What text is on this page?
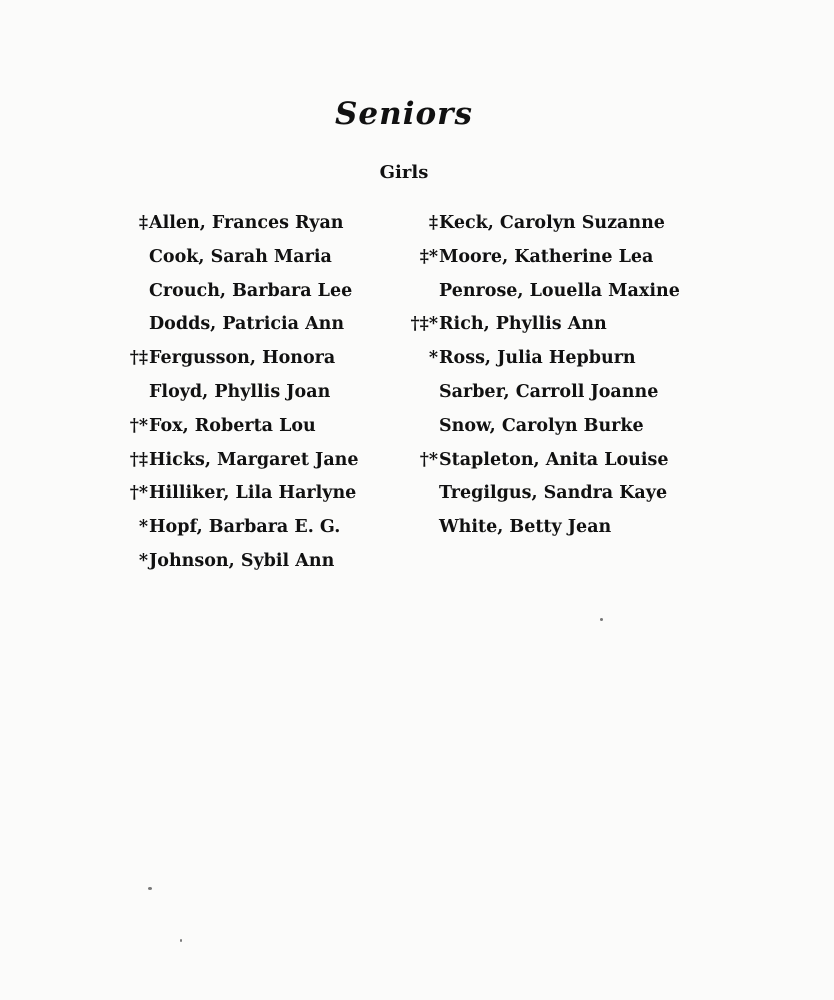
Seniors
Girls
‡ Allen, Frances Ryan
Cook, Sarah Maria
Crouch, Barbara Lee
Dodds, Patricia Ann
†‡ Fergusson, Honora
Floyd, Phyllis Joan
†* Fox, Roberta Lou
†‡ Hicks, Margaret Jane
†* Hilliker, Lila Harlyne
* Hopf, Barbara E. G.
* Johnson, Sybil Ann
‡ Keck, Carolyn Suzanne
‡* Moore, Katherine Lea
Penrose, Louella Maxine
†‡* Rich, Phyllis Ann
* Ross, Julia Hepburn
Sarber, Carroll Joanne
Snow, Carolyn Burke
†* Stapleton, Anita Louise
Tregilgus, Sandra Kaye
White, Betty Jean
